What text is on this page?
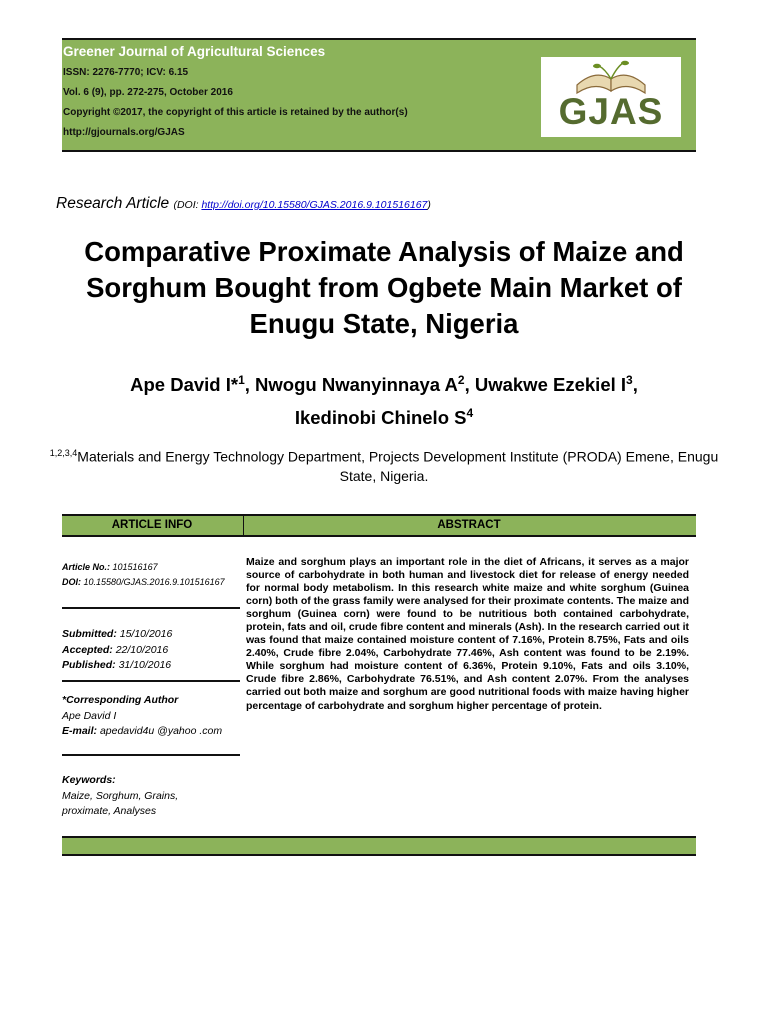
Greener Journal of Agricultural Sciences
ISSN: 2276-7770; ICV: 6.15
Vol. 6 (9), pp. 272-275, October 2016
Copyright ©2017, the copyright of this article is retained by the author(s)
http://gjournals.org/GJAS
GJAS
Research Article (DOI: http://doi.org/10.15580/GJAS.2016.9.101516167)
Comparative Proximate Analysis of Maize and Sorghum Bought from Ogbete Main Market of Enugu State, Nigeria
Ape David I*$^1$, Nwogu Nwanyinnaya $A^2$, Uwakwe Ezekiel $I^3$,
Ikedinobi Chinelo $S^4$
$^{1,2,3,4}$Materials and Energy Technology Department, Projects Development Institute (PRODA) Emene, Enugu State, Nigeria.
ARTICLE INFO	ABSTRACT
Article No.: 101516167
DOI: 10.15580/GJAS.2016.9.101516167
Submitted: 15/10/2016
Accepted: 22/10/2016
Published: 31/10/2016
*Corresponding Author
Ape David I
E-mail: apedavid4u @yahoo .com
Keywords:
Maize, Sorghum, Grains,
proximate, Analyses

Maize and sorghum plays an important role in the diet of Africans, it serves as a major source of carbohydrate in both human and livestock diet for release of energy needed for normal body metabolism. In this research white maize and white sorghum (Guinea corn) both of the grass family were analysed for their proximate contents. The maize and sorghum (Guinea corn) were found to be nutritious both contained carbohydrate, protein, fats and oil, crude fibre content and minerals (Ash). In the research carried out it was found that maize contained moisture content of 7.16%, Protein 8.75%, Fats and oils 2.40%, Crude fibre 2.04%, Carbohydrate 77.46%, Ash content was found to be 2.19%. While sorghum had moisture content of 6.36%, Protein 9.10%, Fats and oils 3.10%, Crude fibre 2.86%, Carbohydrate 76.51%, and Ash content 2.07%. From the analyses carried out both maize and sorghum are good nutritional foods with maize having higher percentage of carbohydrate and sorghum higher percentage of protein.
